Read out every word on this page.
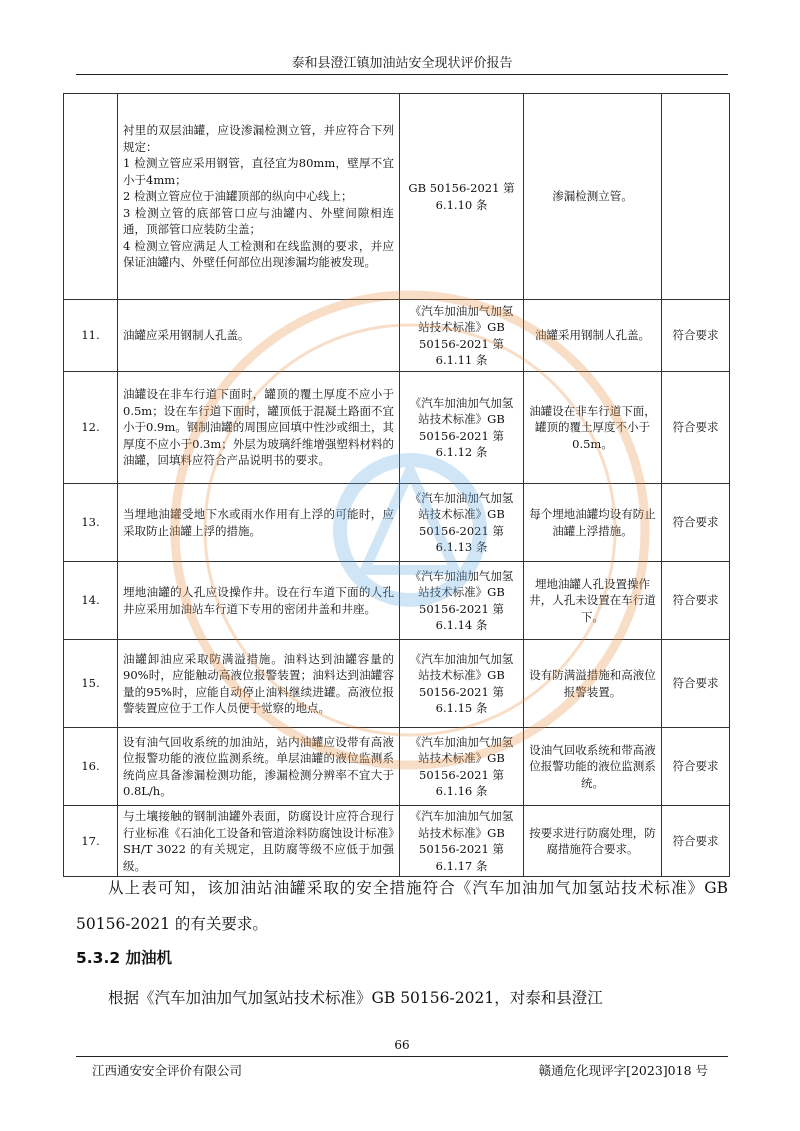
泰和县澄江镇加油站安全现状评价报告

	衬里的双层油罐，应设渗漏检测立管，并应符合下列规定：
1 检测立管应采用钢管，直径宜为80mm，壁厚不宜小于4mm；
2 检测立管应位于油罐顶部的纵向中心线上；
3 检测立管的底部管口应与油罐内、外壁间隙相连通，顶部管口应装防尘盖；
4 检测立管应满足人工检测和在线监测的要求，并应保证油罐内、外壁任何部位出现渗漏均能被发现。	GB 50156-2021 第 6.1.10 条	渗漏检测立管。	
11.	油罐应采用钢制人孔盖。	《汽车加油加气加氢站技术标准》GB 50156-2021 第 6.1.11 条	油罐采用钢制人孔盖。	符合要求
12.	油罐设在非车行道下面时，罐顶的覆土厚度不应小于0.5m；设在车行道下面时，罐顶低于混凝土路面不宜小于0.9m。钢制油罐的周围应回填中性沙或细土，其厚度不应小于0.3m；外层为玻璃纤维增强塑料材料的油罐，回填料应符合产品说明书的要求。	《汽车加油加气加氢站技术标准》GB 50156-2021 第 6.1.12 条	油罐设在非车行道下面，罐顶的覆土厚度不小于0.5m。	符合要求
13.	当埋地油罐受地下水或雨水作用有上浮的可能时，应采取防止油罐上浮的措施。	《汽车加油加气加氢站技术标准》GB 50156-2021 第 6.1.13 条	每个埋地油罐均设有防止油罐上浮措施。	符合要求
14.	埋地油罐的人孔应设操作井。设在行车道下面的人孔井应采用加油站车行道下专用的密闭井盖和井座。	《汽车加油加气加氢站技术标准》GB 50156-2021 第 6.1.14 条	埋地油罐人孔设置操作井，人孔未设置在车行道下。	符合要求
15.	油罐卸油应采取防满溢措施。油料达到油罐容量的90%时，应能触动高液位报警装置；油料达到油罐容量的95%时，应能自动停止油料继续进罐。高液位报警装置应位于工作人员便于觉察的地点。	《汽车加油加气加氢站技术标准》GB 50156-2021 第 6.1.15 条	设有防满溢措施和高液位报警装置。	符合要求
16.	设有油气回收系统的加油站，站内油罐应设带有高液位报警功能的液位监测系统。单层油罐的液位监测系统尚应具备渗漏检测功能，渗漏检测分辨率不宜大于0.8L/h。	《汽车加油加气加氢站技术标准》GB 50156-2021 第 6.1.16 条	设油气回收系统和带高液位报警功能的液位监测系统。	符合要求
17.	与土壤接触的钢制油罐外表面，防腐设计应符合现行行业标准《石油化工设备和管道涂料防腐蚀设计标准》SH/T 3022 的有关规定，且防腐等级不应低于加强级。	《汽车加油加气加氢站技术标准》GB 50156-2021 第 6.1.17 条	按要求进行防腐处理，防腐措施符合要求。	符合要求
从上表可知，该加油站油罐采取的安全措施符合《汽车加油加气加氢站技术标准》GB 50156-2021 的有关要求。
5.3.2 加油机
根据《汽车加油加气加氢站技术标准》GB 50156-2021，对泰和县澄江
66
江西通安安全评价有限公司	赣通危化现评字[2023]018 号
